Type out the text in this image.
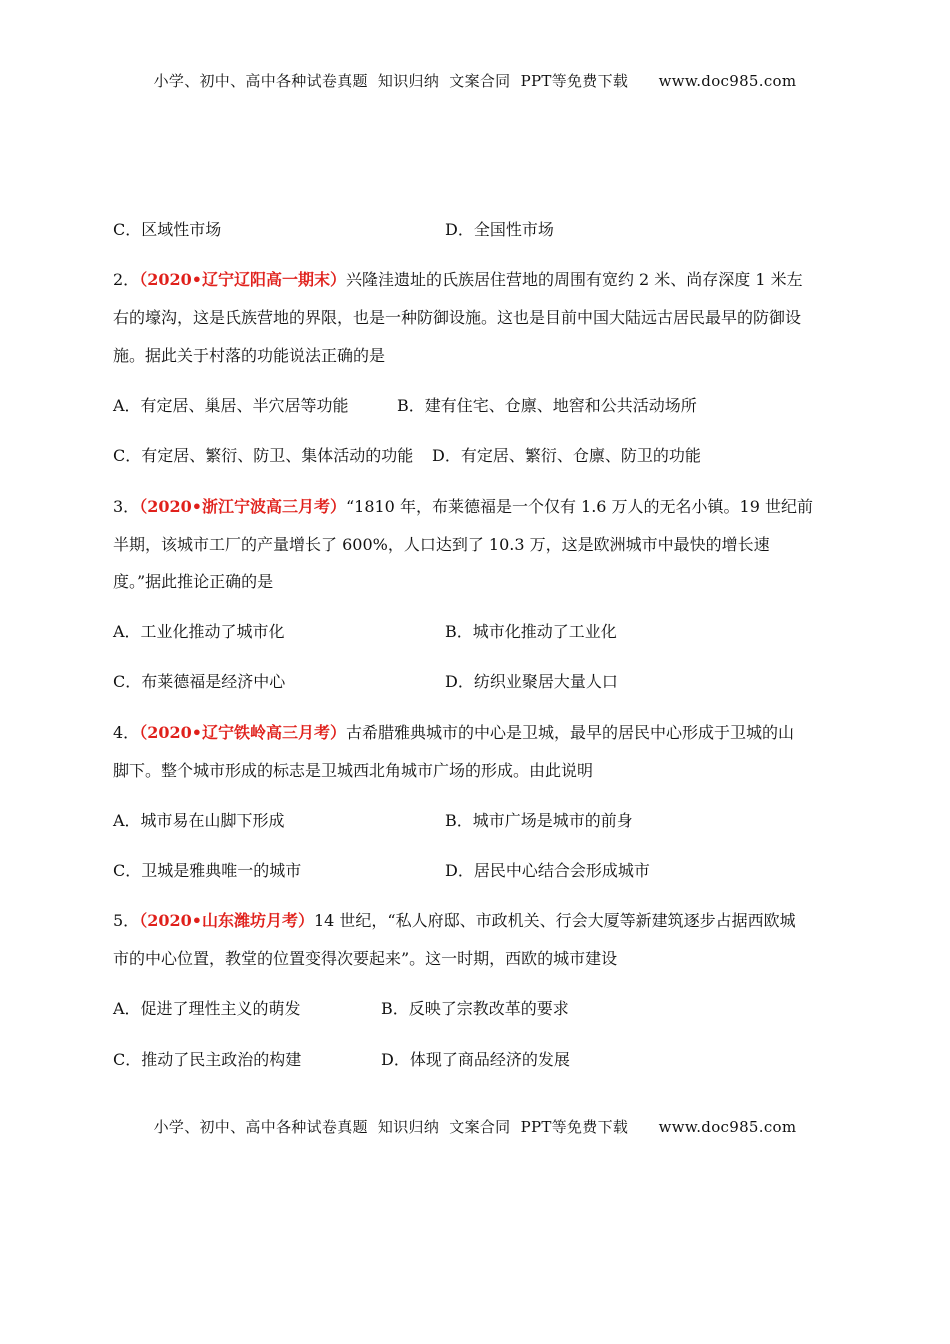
小学、初中、高中各种试卷真题  知识归纳  文案合同  PPT等免费下载      www.doc985.com
C．区域性市场	D．全国性市场
2．（2020•辽宁辽阳高一期末）兴隆洼遗址的氏族居住营地的周围有宽约 2 米、尚存深度 1 米左
右的壕沟，这是氏族营地的界限，也是一种防御设施。这也是目前中国大陆远古居民最早的防御设
施。据此关于村落的功能说法正确的是
A．有定居、巢居、半穴居等功能	B．建有住宅、仓廪、地窖和公共活动场所
C．有定居、繁衍、防卫、集体活动的功能 D．有定居、繁衍、仓廪、防卫的功能
3．（2020•浙江宁波高三月考）“1810 年，布莱德福是一个仅有 1.6 万人的无名小镇。19 世纪前
半期，该城市工厂的产量增长了 600%，人口达到了 10.3 万，这是欧洲城市中最快的增长速
度。”据此推论正确的是
A．工业化推动了城市化	B．城市化推动了工业化
C．布莱德福是经济中心	D．纺织业聚居大量人口
4．（2020•辽宁铁岭高三月考）古希腊雅典城市的中心是卫城，最早的居民中心形成于卫城的山
脚下。整个城市形成的标志是卫城西北角城市广场的形成。由此说明
A．城市易在山脚下形成	B．城市广场是城市的前身
C．卫城是雅典唯一的城市	D．居民中心结合会形成城市
5．（2020•山东潍坊月考）14 世纪，“私人府邸、市政机关、行会大厦等新建筑逐步占据西欧城
市的中心位置，教堂的位置变得次要起来”。这一时期，西欧的城市建设
A．促进了理性主义的萌发	B．反映了宗教改革的要求
C．推动了民主政治的构建	D．体现了商品经济的发展
小学、初中、高中各种试卷真题  知识归纳  文案合同  PPT等免费下载      www.doc985.com
